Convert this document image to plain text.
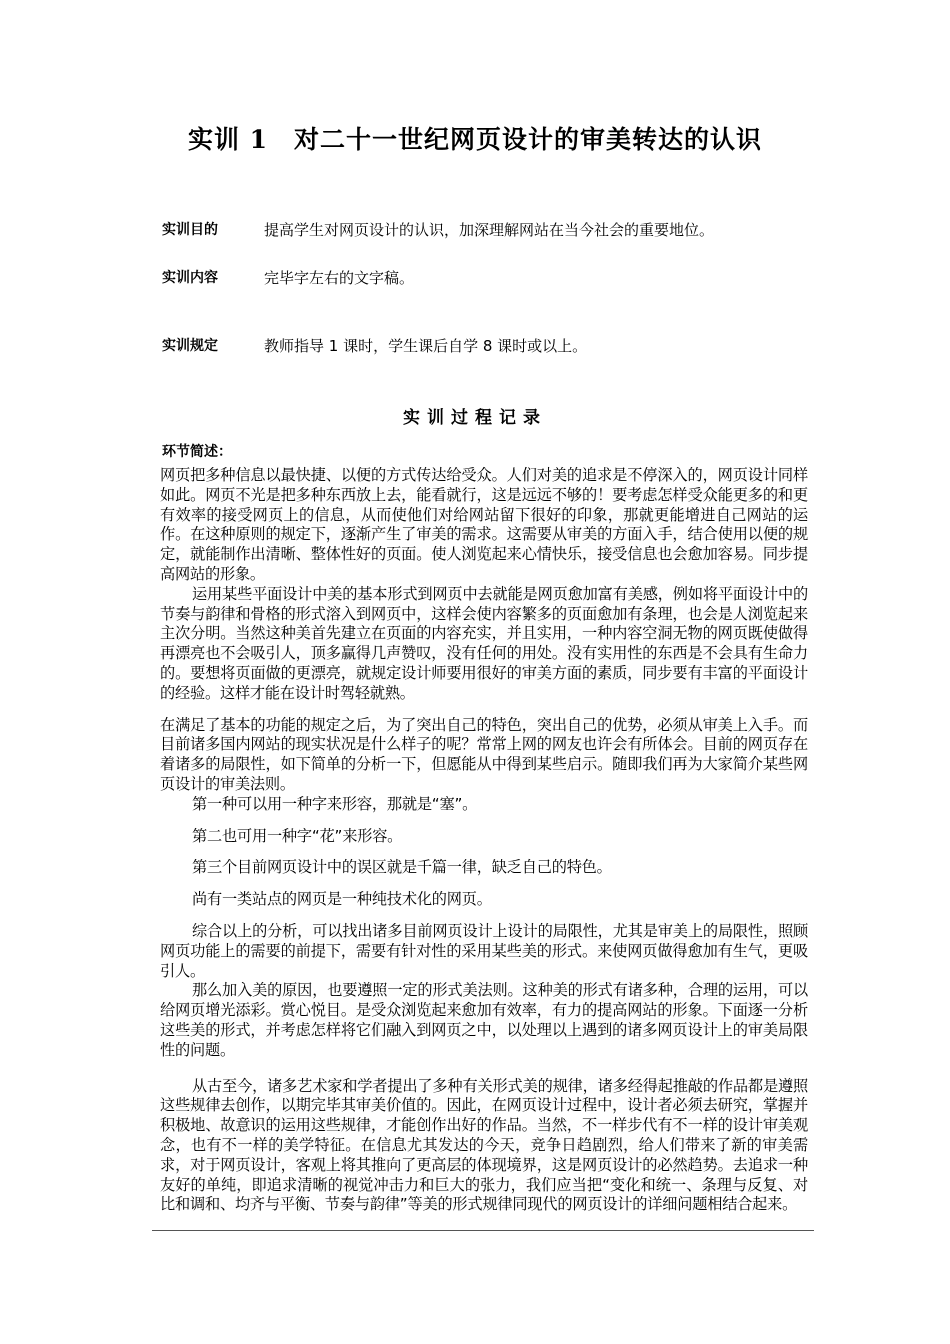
实训 1　对二十一世纪网页设计的审美转达的认识
实训目的	提高学生对网页设计的认识，加深理解网站在当今社会的重要地位。
实训内容	完毕字左右的文字稿。
实训规定	教师指导 1 课时，学生课后自学 8 课时或以上。
实训过程记录
环节简述：

网页把多种信息以最快捷、以便的方式传达给受众。人们对美的追求是不停深入的，网页设计同样如此。网页不光是把多种东西放上去，能看就行，这是远远不够的！要考虑怎样受众能更多的和更有效率的接受网页上的信息，从而使他们对给网站留下很好的印象，那就更能增进自己网站的运作。在这种原则的规定下，逐渐产生了审美的需求。这需要从审美的方面入手，结合使用以便的规定，就能制作出清晰、整体性好的页面。使人浏览起来心情快乐，接受信息也会愈加容易。同步提高网站的形象。

运用某些平面设计中美的基本形式到网页中去就能是网页愈加富有美感，例如将平面设计中的节奏与韵律和骨格的形式溶入到网页中，这样会使内容繁多的页面愈加有条理，也会是人浏览起来主次分明。当然这种美首先建立在页面的内容充实，并且实用，一种内容空洞无物的网页既使做得再漂亮也不会吸引人，顶多赢得几声赞叹，没有任何的用处。没有实用性的东西是不会具有生命力的。要想将页面做的更漂亮，就规定设计师要用很好的审美方面的素质，同步要有丰富的平面设计的经验。这样才能在设计时驾轻就熟。

在满足了基本的功能的规定之后，为了突出自己的特色，突出自己的优势，必须从审美上入手。而目前诸多国内网站的现实状况是什么样子的呢？常常上网的网友也许会有所体会。目前的网页存在着诸多的局限性，如下简单的分析一下，但愿能从中得到某些启示。随即我们再为大家简介某些网页设计的审美法则。

第一种可以用一种字来形容，那就是“塞”。

第二也可用一种字“花”来形容。

第三个目前网页设计中的误区就是千篇一律，缺乏自己的特色。

尚有一类站点的网页是一种纯技术化的网页。

综合以上的分析，可以找出诸多目前网页设计上设计的局限性，尤其是审美上的局限性，照顾网页功能上的需要的前提下，需要有针对性的采用某些美的形式。来使网页做得愈加有生气，更吸引人。

那么加入美的原因，也要遵照一定的形式美法则。这种美的形式有诸多种，合理的运用，可以给网页增光添彩。赏心悦目。是受众浏览起来愈加有效率，有力的提高网站的形象。下面逐一分析这些美的形式，并考虑怎样将它们融入到网页之中，以处理以上遇到的诸多网页设计上的审美局限性的问题。

从古至今，诸多艺术家和学者提出了多种有关形式美的规律，诸多经得起推敲的作品都是遵照这些规律去创作，以期完毕其审美价值的。因此，在网页设计过程中，设计者必须去研究，掌握并积极地、故意识的运用这些规律，才能创作出好的作品。当然，不一样步代有不一样的设计审美观念，也有不一样的美学特征。在信息尤其发达的今天，竞争日趋剧烈，给人们带来了新的审美需求，对于网页设计，客观上将其推向了更高层的体现境界，这是网页设计的必然趋势。去追求一种友好的单纯，即追求清晰的视觉冲击力和巨大的张力，我们应当把“变化和统一、条理与反复、对比和调和、均齐与平衡、节奏与韵律”等美的形式规律同现代的网页设计的详细问题相结合起来。
